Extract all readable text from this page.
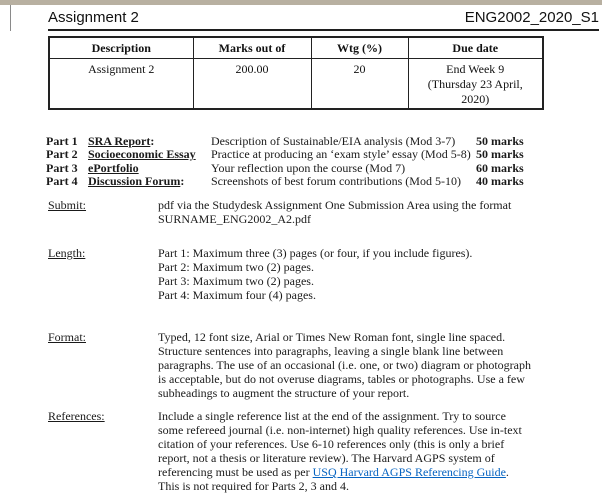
Assignment 2	ENG2002_2020_S1
Description	Marks out of	Wtg (%)	Due date
Assignment 2	200.00	20	End Week 9
(Thursday 23 April,
2020)
Part 1 SRA Report:	Description of Sustainable/EIA analysis (Mod 3-7)	50 marks
Part 2 Socioeconomic Essay	Practice at producing an ‘exam style’ essay (Mod 5-8) 50 marks
Part 3 ePortfolio	Your reflection upon the course (Mod 7)	60 marks
Part 4 Discussion Forum:	Screenshots of best forum contributions (Mod 5-10)	40 marks
Submit:	pdf via the Studydesk Assignment One Submission Area using the format
SURNAME_ENG2002_A2.pdf
Length:	Part 1: Maximum three (3) pages (or four, if you include figures).
Part 2: Maximum two (2) pages.
Part 3: Maximum two (2) pages.
Part 4: Maximum four (4) pages.
Format:	Typed, 12 font size, Arial or Times New Roman font, single line spaced.
Structure sentences into paragraphs, leaving a single blank line between
paragraphs. The use of an occasional (i.e. one, or two) diagram or photograph
is acceptable, but do not overuse diagrams, tables or photographs. Use a few
subheadings to augment the structure of your report.
References:	Include a single reference list at the end of the assignment. Try to source
some refereed journal (i.e. non-internet) high quality references. Use in-text
citation of your references. Use 6-10 references only (this is only a brief
report, not a thesis or literature review). The Harvard AGPS system of
referencing must be used as per USQ Harvard AGPS Referencing Guide.
This is not required for Parts 2, 3 and 4.
